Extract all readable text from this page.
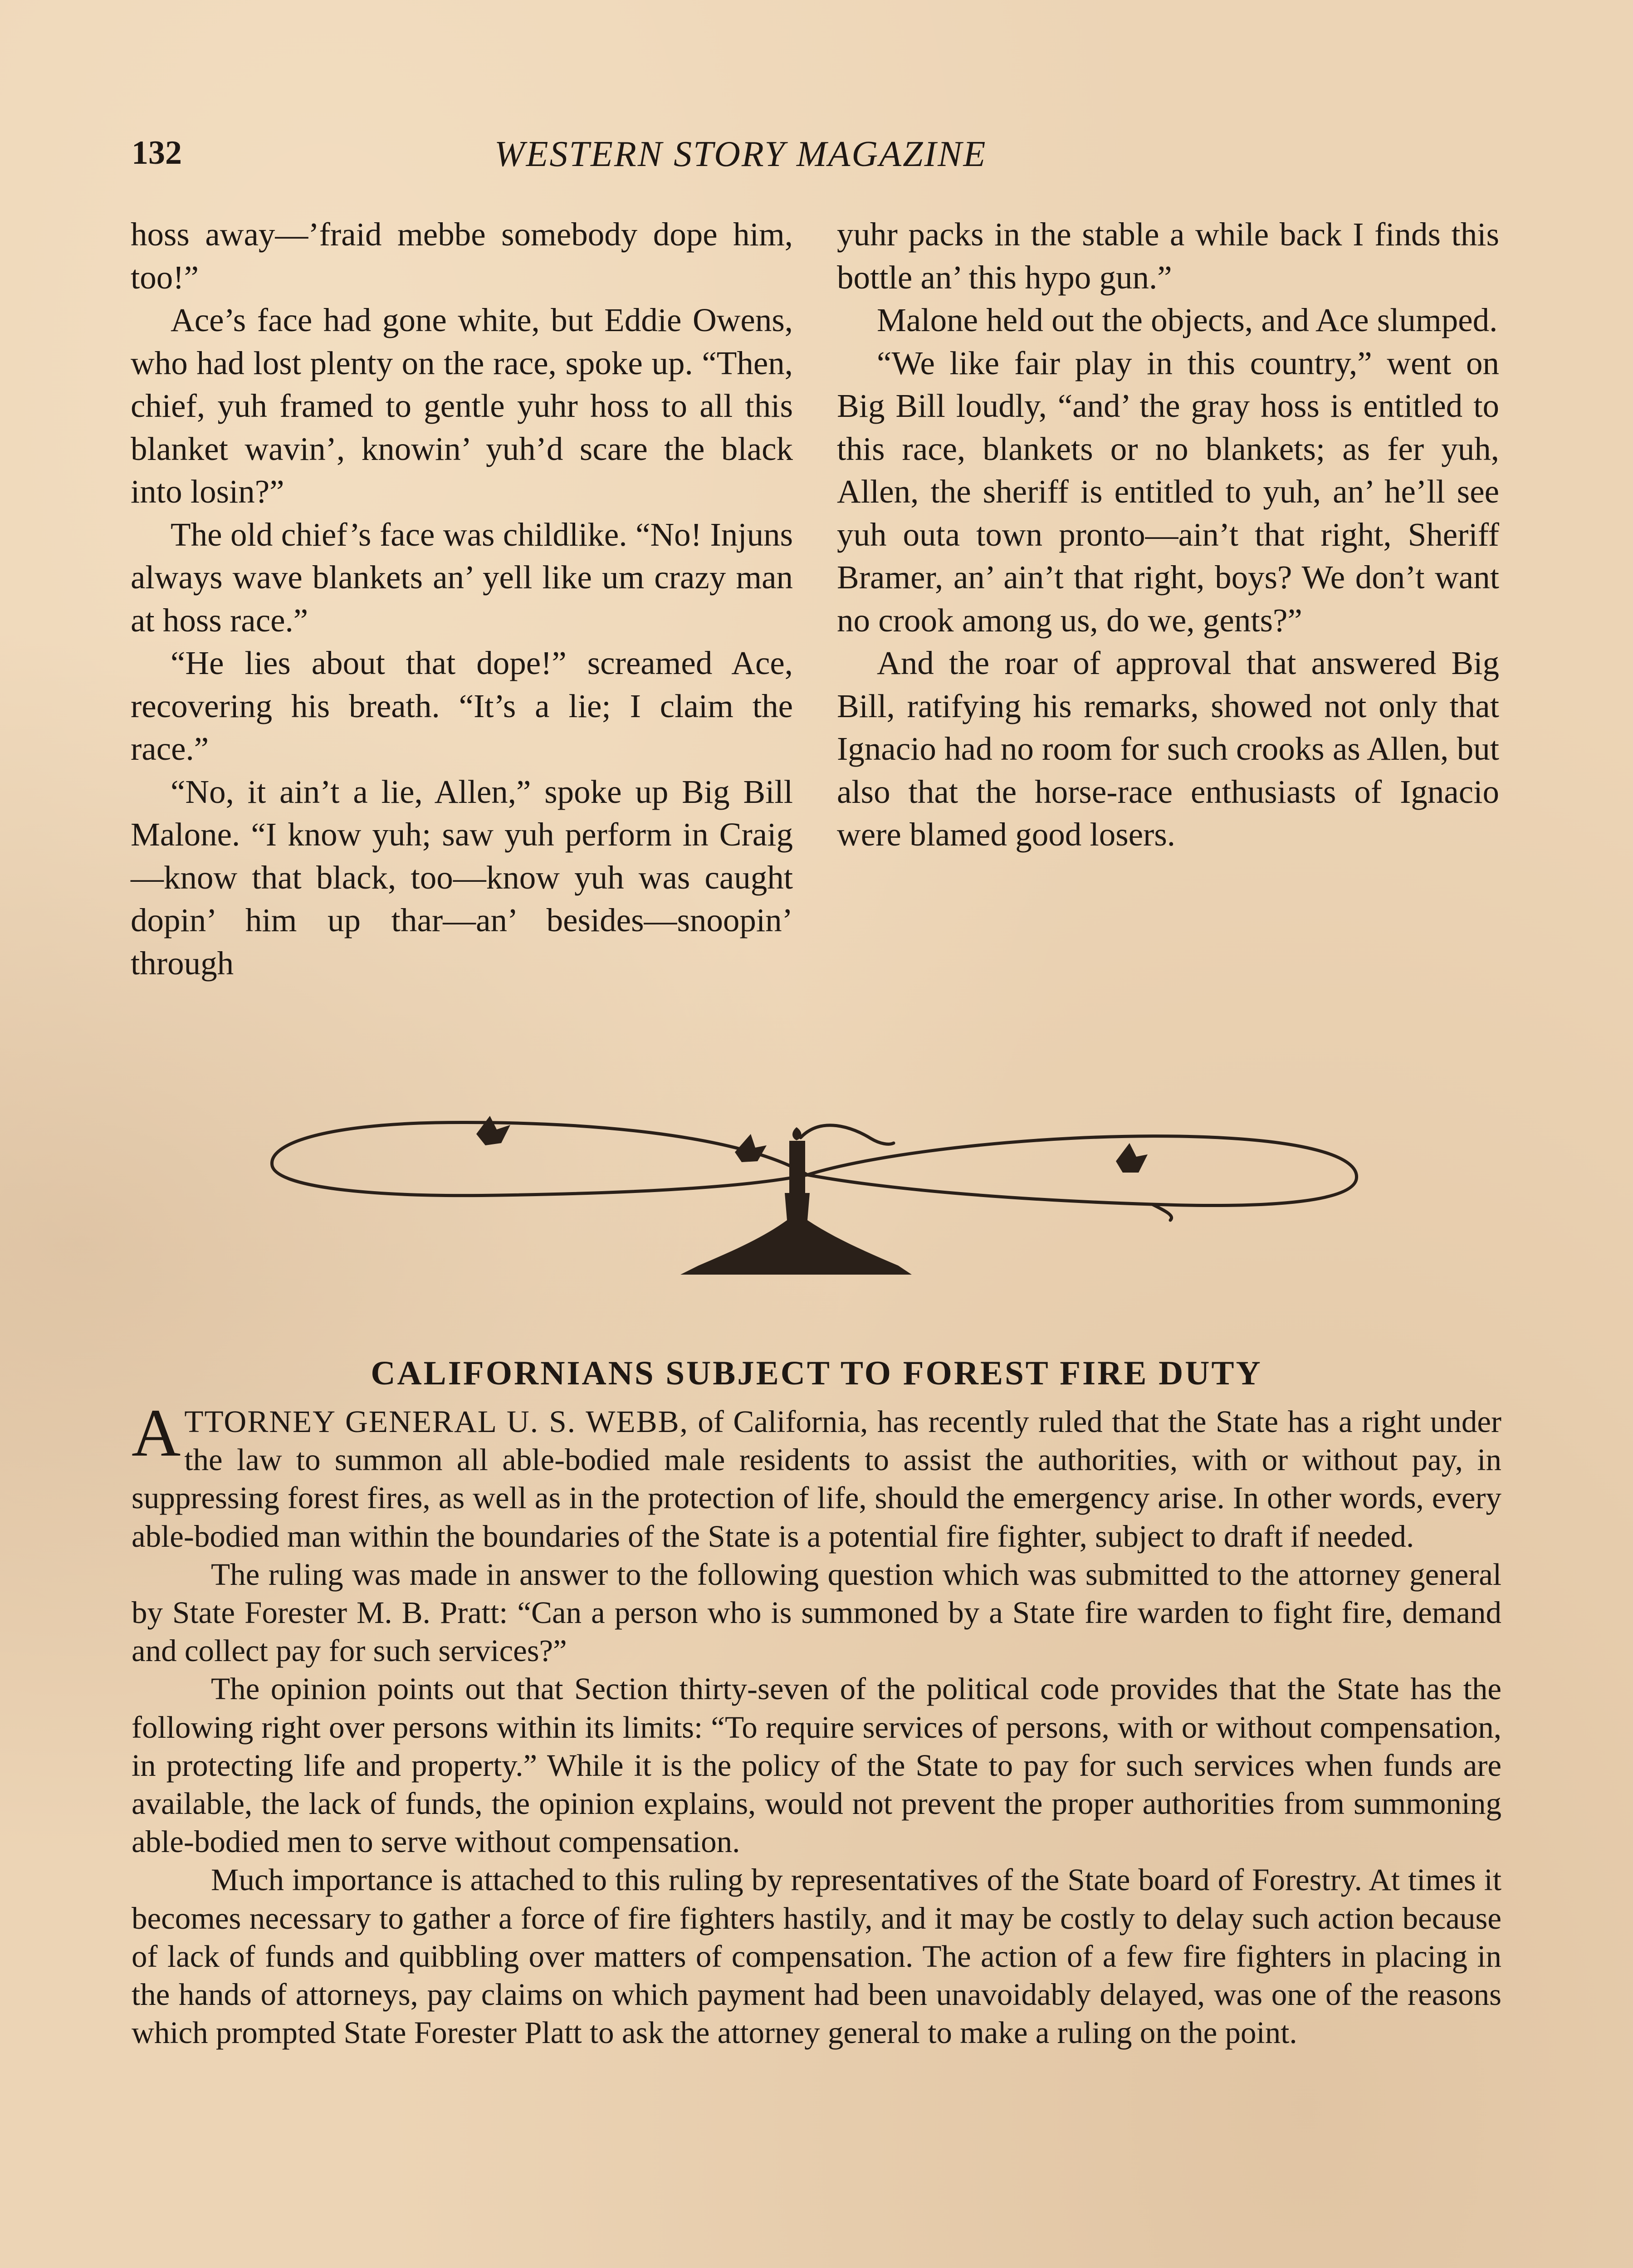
132	WESTERN STORY MAGAZINE

hoss away—’fraid mebbe somebody dope him, too!”

Ace’s face had gone white, but Eddie Owens, who had lost plenty on the race, spoke up. “Then, chief, yuh framed to gentle yuhr hoss to all this blanket wavin’, knowin’ yuh’d scare the black into losin?”

The old chief’s face was childlike. “No! Injuns always wave blankets an’ yell like um crazy man at hoss race.”

“He lies about that dope!” screamed Ace, recovering his breath. “It’s a lie; I claim the race.”

“No, it ain’t a lie, Allen,” spoke up Big Bill Malone. “I know yuh; saw yuh perform in Craig—know that black, too—know yuh was caught dopin’ him up thar—an’ besides—snoopin’ through

yuhr packs in the stable a while back I finds this bottle an’ this hypo gun.”

Malone held out the objects, and Ace slumped.

“We like fair play in this country,” went on Big Bill loudly, “and’ the gray hoss is entitled to this race, blankets or no blankets; as fer yuh, Allen, the sheriff is entitled to yuh, an’ he’ll see yuh outa town pronto—ain’t that right, Sheriff Bramer, an’ ain’t that right, boys? We don’t want no crook among us, do we, gents?”

And the roar of approval that answered Big Bill, ratifying his remarks, showed not only that Ignacio had no room for such crooks as Allen, but also that the horse-race enthusiasts of Ignacio were blamed good losers.

CALIFORNIANS SUBJECT TO FOREST FIRE DUTY

ATTORNEY GENERAL U. S. WEBB, of California, has recently ruled that the State has a right under the law to summon all able-bodied male residents to assist the authorities, with or without pay, in suppressing forest fires, as well as in the protection of life, should the emergency arise. In other words, every able-bodied man within the boundaries of the State is a potential fire fighter, subject to draft if needed.

The ruling was made in answer to the following question which was submitted to the attorney general by State Forester M. B. Pratt: “Can a person who is summoned by a State fire warden to fight fire, demand and collect pay for such services?”

The opinion points out that Section thirty-seven of the political code provides that the State has the following right over persons within its limits: “To require services of persons, with or without compensation, in protecting life and property.” While it is the policy of the State to pay for such services when funds are available, the lack of funds, the opinion explains, would not prevent the proper authorities from summoning able-bodied men to serve without compensation.

Much importance is attached to this ruling by representatives of the State board of Forestry. At times it becomes necessary to gather a force of fire fighters hastily, and it may be costly to delay such action because of lack of funds and quibbling over matters of compensation. The action of a few fire fighters in placing in the hands of attorneys, pay claims on which payment had been unavoidably delayed, was one of the reasons which prompted State Forester Platt to ask the attorney general to make a ruling on the point.
